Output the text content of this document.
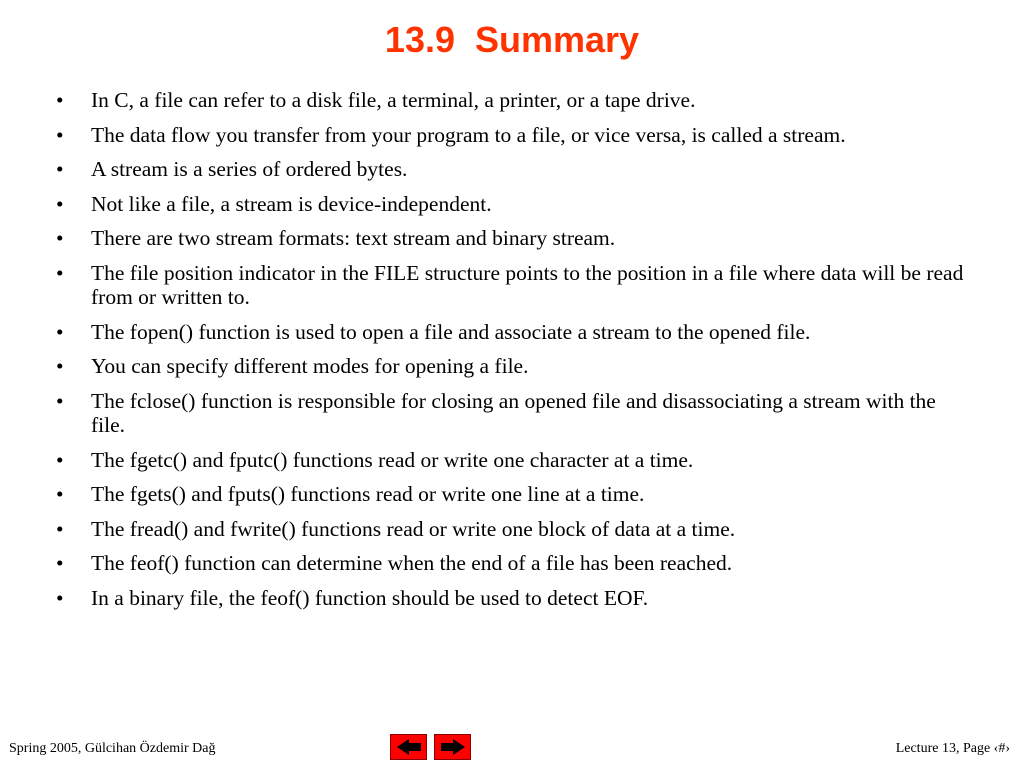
13.9  Summary
•	In C, a file can refer to a disk file, a terminal, a printer, or a tape drive.
•	The data flow you transfer from your program to a file, or vice versa, is called a stream.
•	A stream is a series of ordered bytes.
•	Not like a file, a stream is device-independent.
•	There are two stream formats: text stream and binary stream.
•	The file position indicator in the FILE structure points to the position in a file where data will be read from or written to.
•	The fopen() function is used to open a file and associate a stream to the opened file.
•	You can specify different modes for opening a file.
•	The fclose() function is responsible for closing an opened file and disassociating a stream with the file.
•	The fgetc() and fputc() functions read or write one character at a time.
•	The fgets() and fputs() functions read or write one line at a time.
•	The fread() and fwrite() functions read or write one block of data at a time.
•	The feof() function can determine when the end of a file has been reached.
•	In a binary file, the feof() function should be used to detect EOF.
Spring 2005, Gülcihan Özdemir Dağ	Lecture 13, Page ‹#›
